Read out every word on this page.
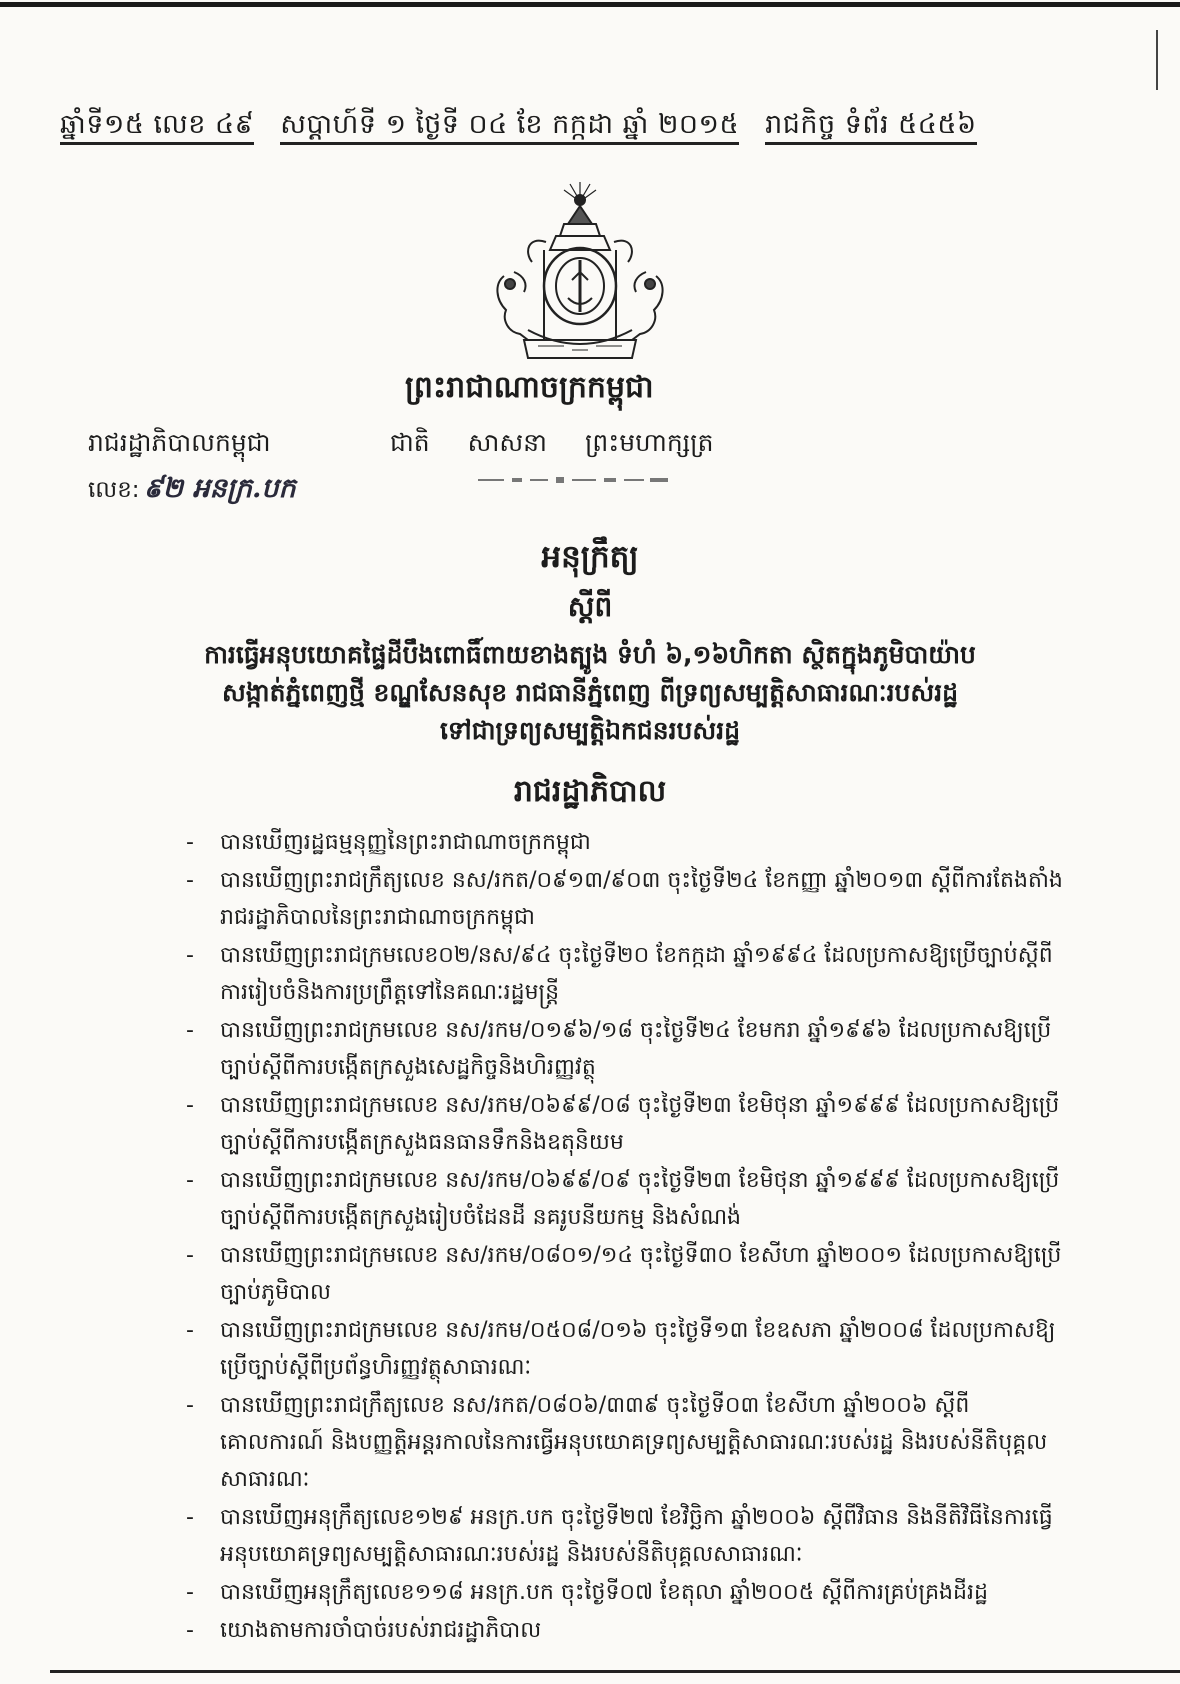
ឆ្នាំទី១៥ លេខ ៤៩ សប្តាហ៍ទី ១ ថ្ងៃទី ០៤ ខែ កក្កដា ឆ្នាំ ២០១៥ រាជកិច្ច ទំព័រ ៥៤៥៦
ព្រះរាជាណាចក្រកម្ពុជា
ជាតិ សាសនា ព្រះមហាក្សត្រ
រាជរដ្ឋាភិបាលកម្ពុជា
លេខ: ៩២ អនក្រ.បក
អនុក្រឹត្យ
ស្តីពី
ការធ្វើអនុបយោគផ្ទៃដីបឹងពោធិ៍ពាយខាងត្បូង ទំហំ ៦,១៦ហិកតា ស្ថិតក្នុងភូមិបាយ៉ាប
សង្កាត់ភ្នំពេញថ្មី ខណ្ឌសែនសុខ រាជធានីភ្នំពេញ ពីទ្រព្យសម្បត្តិសាធារណៈរបស់រដ្ឋ
ទៅជាទ្រព្យសម្បត្តិឯកជនរបស់រដ្ឋ
រាជរដ្ឋាភិបាល
- បានឃើញរដ្ឋធម្មនុញ្ញនៃព្រះរាជាណាចក្រកម្ពុជា
- បានឃើញព្រះរាជក្រឹត្យលេខ នស/រកត/០៩១៣/៩០៣ ចុះថ្ងៃទី២៤ ខែកញ្ញា ឆ្នាំ២០១៣ ស្តីពីការតែងតាំងរាជរដ្ឋាភិបាលនៃព្រះរាជាណាចក្រកម្ពុជា
- បានឃើញព្រះរាជក្រមលេខ០២/នស/៩៤ ចុះថ្ងៃទី២០ ខែកក្កដា ឆ្នាំ១៩៩៤ ដែលប្រកាសឱ្យប្រើច្បាប់ស្តីពីការរៀបចំនិងការប្រព្រឹត្តទៅនៃគណៈរដ្ឋមន្ត្រី
- បានឃើញព្រះរាជក្រមលេខ នស/រកម/០១៩៦/១៨ ចុះថ្ងៃទី២៤ ខែមករា ឆ្នាំ១៩៩៦ ដែលប្រកាសឱ្យប្រើច្បាប់ស្តីពីការបង្កើតក្រសួងសេដ្ឋកិច្ចនិងហិរញ្ញវត្ថុ
- បានឃើញព្រះរាជក្រមលេខ នស/រកម/០៦៩៩/០៨ ចុះថ្ងៃទី២៣ ខែមិថុនា ឆ្នាំ១៩៩៩ ដែលប្រកាសឱ្យប្រើច្បាប់ស្តីពីការបង្កើតក្រសួងធនធានទឹកនិងឧតុនិយម
- បានឃើញព្រះរាជក្រមលេខ នស/រកម/០៦៩៩/០៩ ចុះថ្ងៃទី២៣ ខែមិថុនា ឆ្នាំ១៩៩៩ ដែលប្រកាសឱ្យប្រើច្បាប់ស្តីពីការបង្កើតក្រសួងរៀបចំដែនដី នគរូបនីយកម្ម និងសំណង់
- បានឃើញព្រះរាជក្រមលេខ នស/រកម/០៨០១/១៤ ចុះថ្ងៃទី៣០ ខែសីហា ឆ្នាំ២០០១ ដែលប្រកាសឱ្យប្រើច្បាប់ភូមិបាល
- បានឃើញព្រះរាជក្រមលេខ នស/រកម/០៥០៨/០១៦ ចុះថ្ងៃទី១៣ ខែឧសភា ឆ្នាំ២០០៨ ដែលប្រកាសឱ្យប្រើច្បាប់ស្តីពីប្រព័ន្ធហិរញ្ញវត្ថុសាធារណៈ
- បានឃើញព្រះរាជក្រឹត្យលេខ នស/រកត/០៨០៦/៣៣៩ ចុះថ្ងៃទី០៣ ខែសីហា ឆ្នាំ២០០៦ ស្តីពីគោលការណ៍ និងបញ្ញត្តិអន្តរកាលនៃការធ្វើអនុបយោគទ្រព្យសម្បត្តិសាធារណៈរបស់រដ្ឋ និងរបស់នីតិបុគ្គលសាធារណៈ
- បានឃើញអនុក្រឹត្យលេខ១២៩ អនក្រ.បក ចុះថ្ងៃទី២៧ ខែវិច្ឆិកា ឆ្នាំ២០០៦ ស្តីពីវិធាន និងនីតិវិធីនៃការធ្វើអនុបយោគទ្រព្យសម្បត្តិសាធារណៈរបស់រដ្ឋ និងរបស់នីតិបុគ្គលសាធារណៈ
- បានឃើញអនុក្រឹត្យលេខ១១៨ អនក្រ.បក ចុះថ្ងៃទី០៧ ខែតុលា ឆ្នាំ២០០៥ ស្តីពីការគ្រប់គ្រងដីរដ្ឋ
- យោងតាមការចាំបាច់របស់រាជរដ្ឋាភិបាល
